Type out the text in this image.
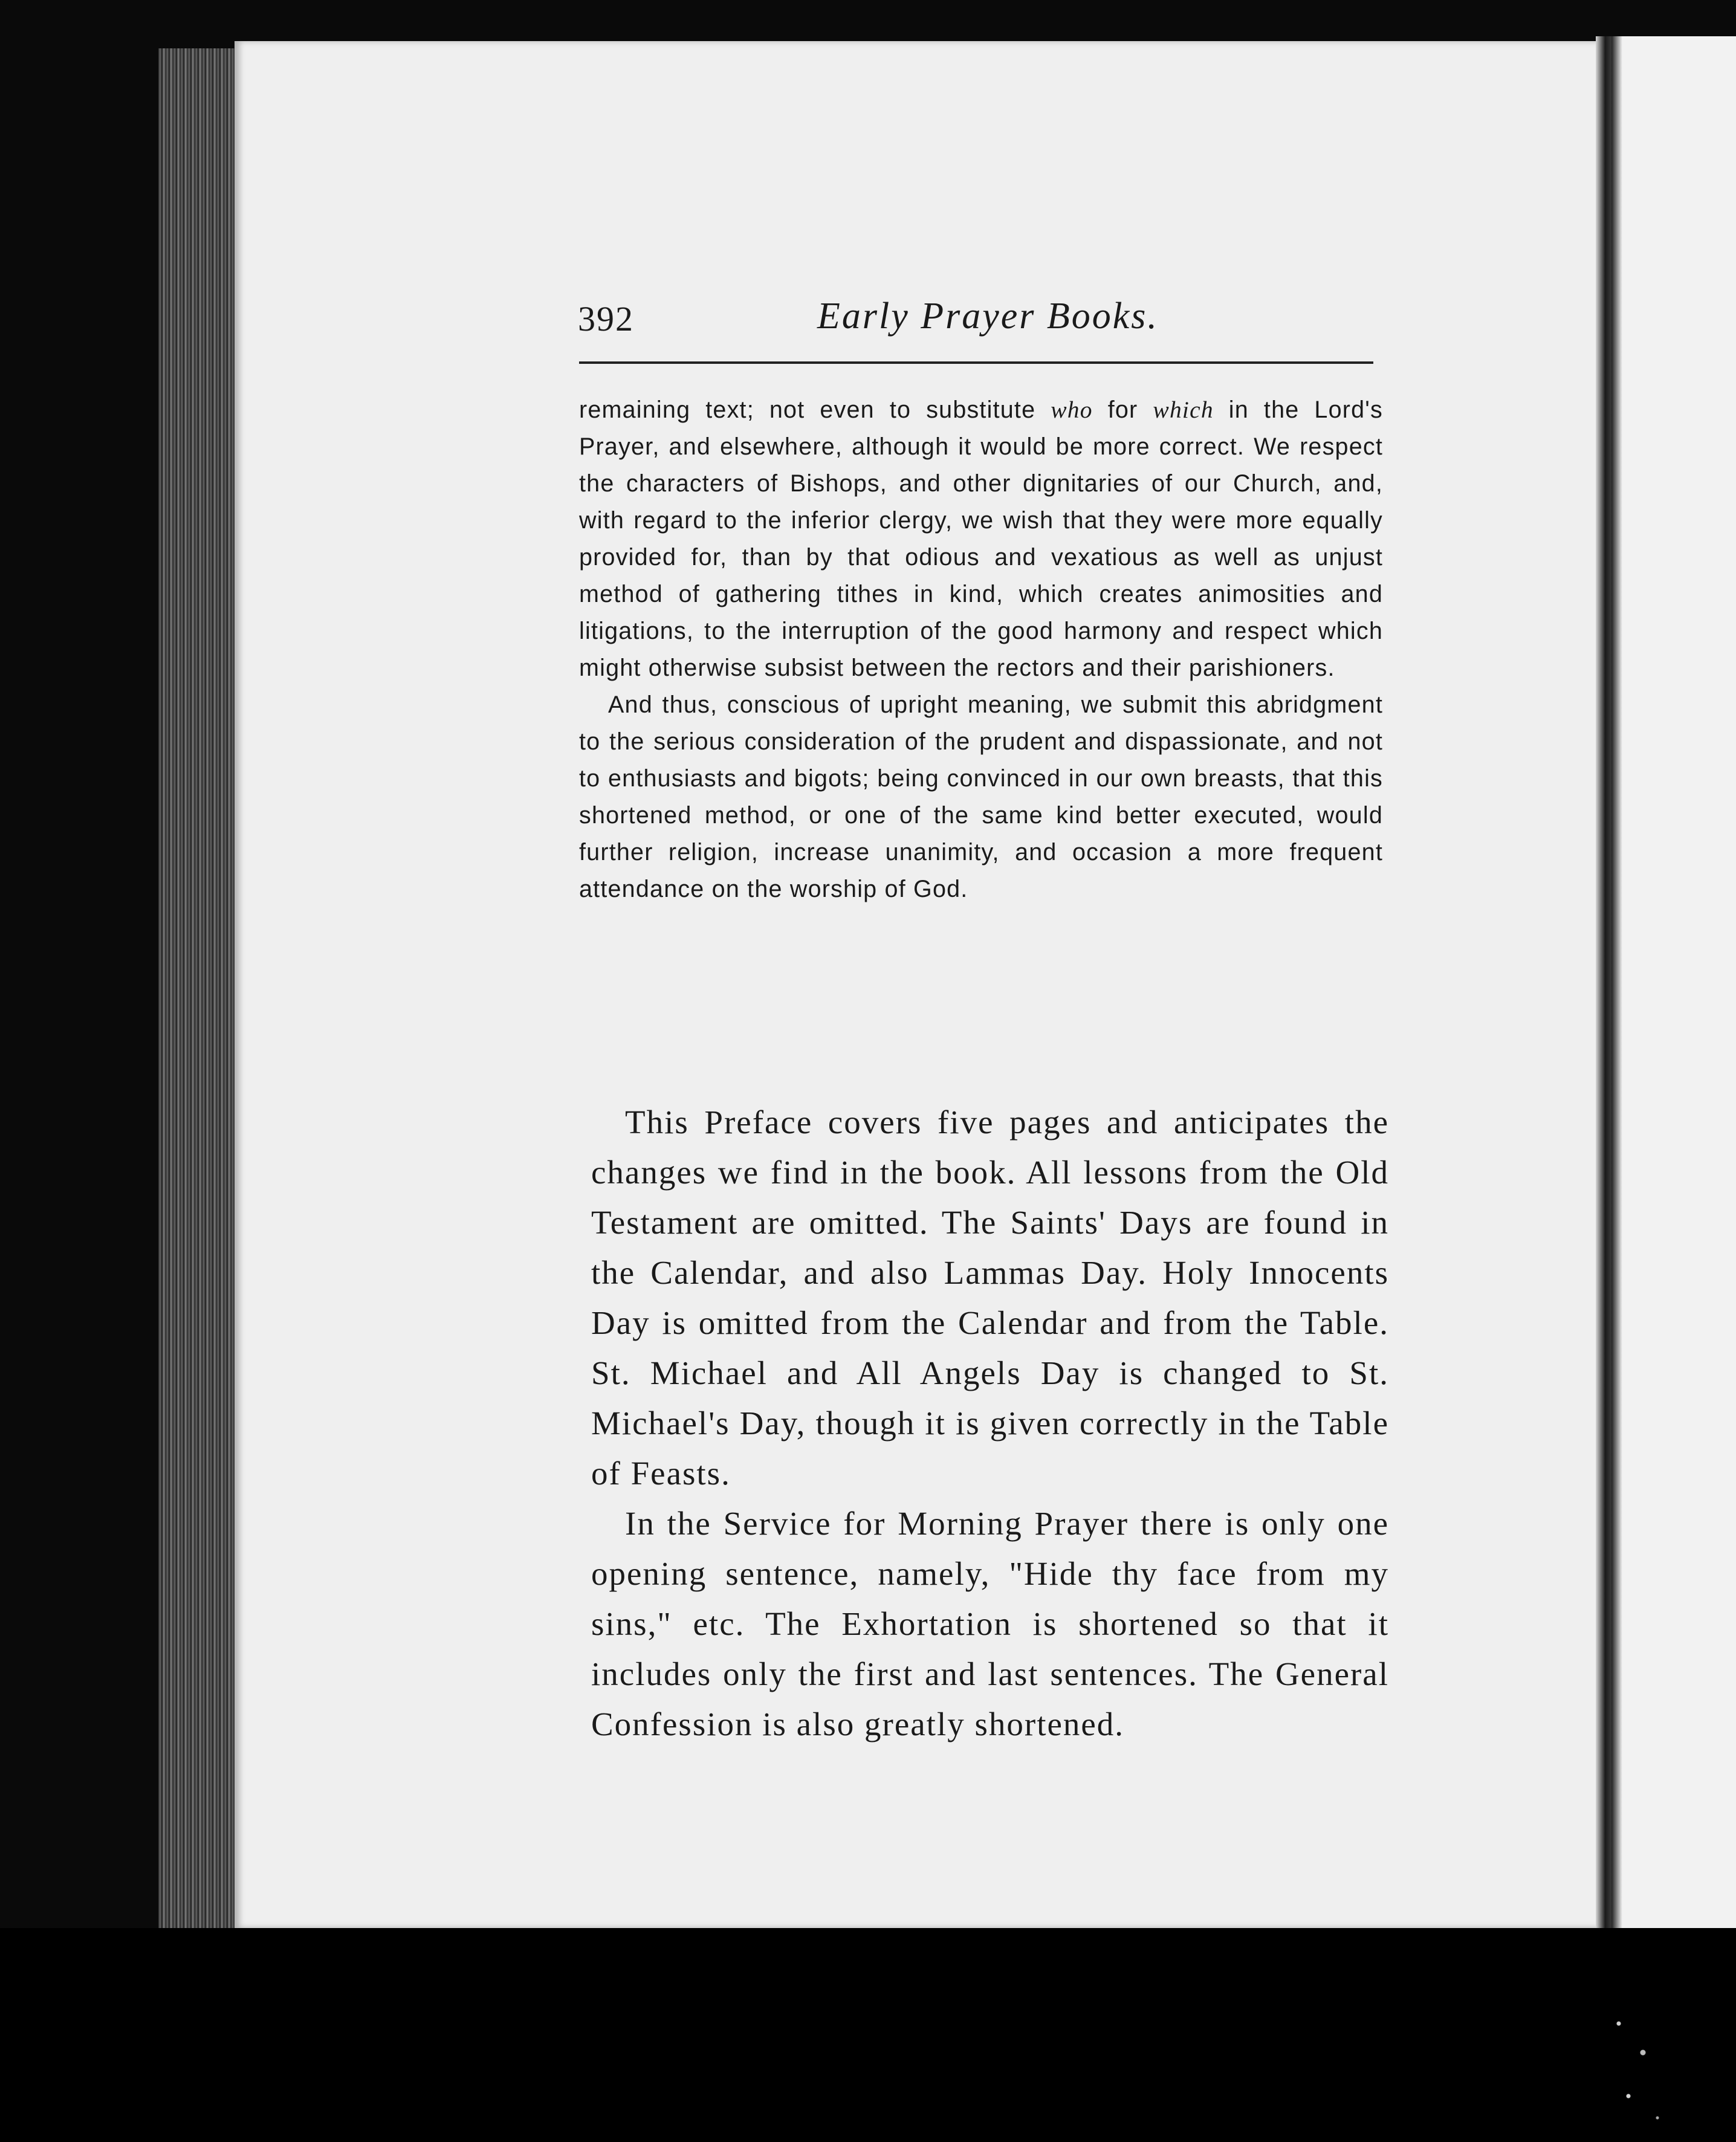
392	Early Prayer Books.

remaining text; not even to substitute who for which in the Lord's Prayer, and elsewhere, although it would be more correct. We respect the characters of Bishops, and other dignitaries of our Church, and, with regard to the inferior clergy, we wish that they were more equally provided for, than by that odious and vexatious as well as unjust method of gathering tithes in kind, which creates animosities and litigations, to the interruption of the good harmony and respect which might otherwise subsist between the rectors and their parishioners.

And thus, conscious of upright meaning, we submit this abridgment to the serious consideration of the prudent and dispassionate, and not to enthusiasts and bigots; being convinced in our own breasts, that this shortened method, or one of the same kind better executed, would further religion, increase unanimity, and occasion a more frequent attendance on the worship of God.

This Preface covers five pages and anticipates the changes we find in the book. All lessons from the Old Testament are omitted. The Saints' Days are found in the Calendar, and also Lammas Day. Holy Innocents Day is omitted from the Calendar and from the Table. St. Michael and All Angels Day is changed to St. Michael's Day, though it is given correctly in the Table of Feasts.

In the Service for Morning Prayer there is only one opening sentence, namely, "Hide thy face from my sins," etc. The Exhortation is shortened so that it includes only the first and last sentences. The General Confession is also greatly shortened.
